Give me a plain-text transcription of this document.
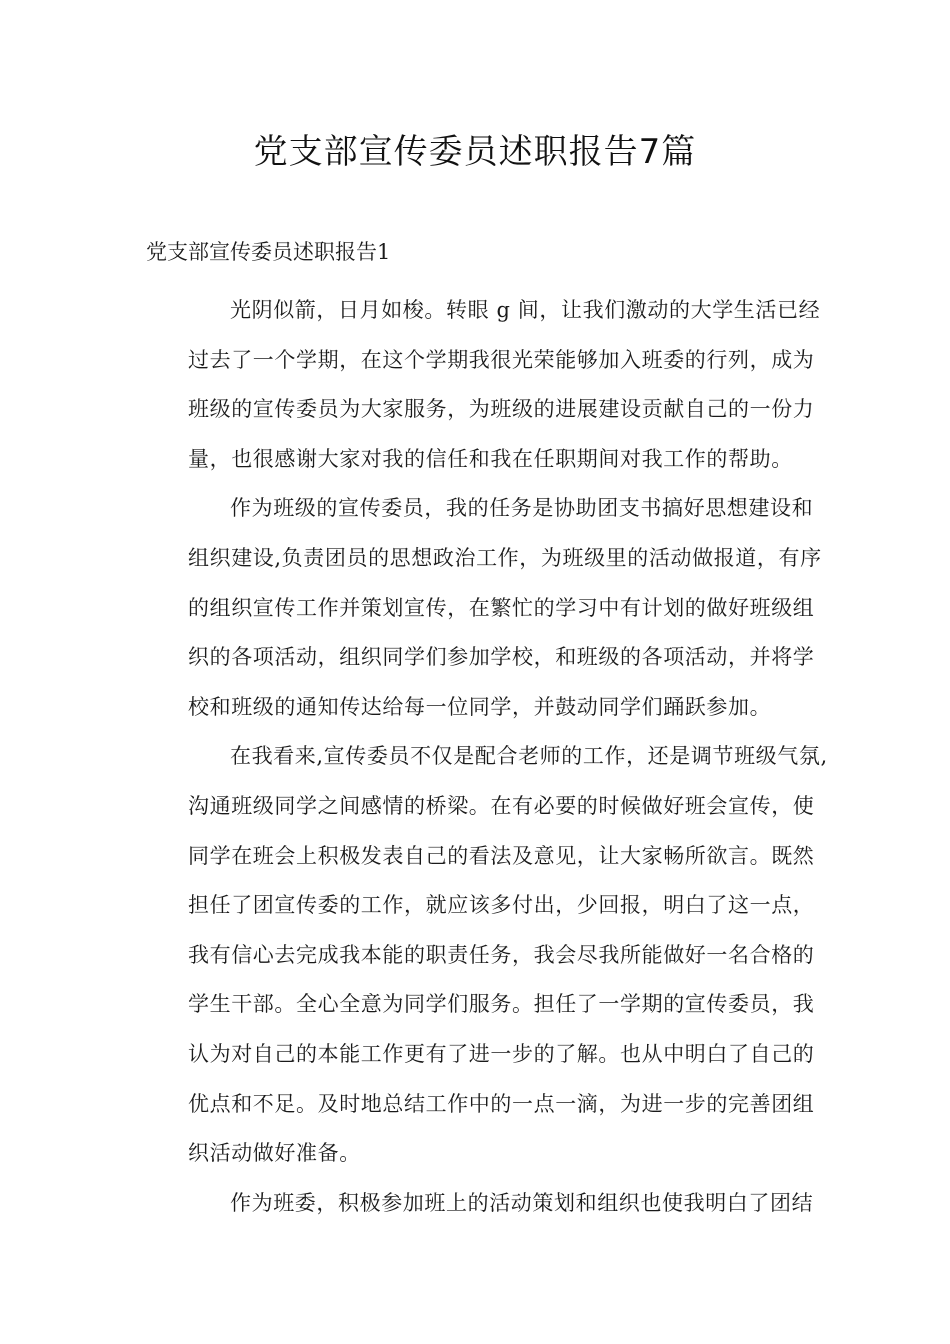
党支部宣传委员述职报告7篇
党支部宣传委员述职报告1
光阴似箭，日月如梭。转眼 g 间，让我们激动的大学生活已经
过去了一个学期，在这个学期我很光荣能够加入班委的行列，成为
班级的宣传委员为大家服务，为班级的进展建设贡献自己的一份力
量，也很感谢大家对我的信任和我在任职期间对我工作的帮助。
作为班级的宣传委员，我的任务是协助团支书搞好思想建设和
组织建设,负责团员的思想政治工作，为班级里的活动做报道，有序
的组织宣传工作并策划宣传，在繁忙的学习中有计划的做好班级组
织的各项活动，组织同学们参加学校，和班级的各项活动，并将学
校和班级的通知传达给每一位同学，并鼓动同学们踊跃参加。
在我看来,宣传委员不仅是配合老师的工作，还是调节班级气氛,
沟通班级同学之间感情的桥梁。在有必要的时候做好班会宣传，使
同学在班会上积极发表自己的看法及意见，让大家畅所欲言。既然
担任了团宣传委的工作，就应该多付出，少回报，明白了这一点，
我有信心去完成我本能的职责任务，我会尽我所能做好一名合格的
学生干部。全心全意为同学们服务。担任了一学期的宣传委员，我
认为对自己的本能工作更有了进一步的了解。也从中明白了自己的
优点和不足。及时地总结工作中的一点一滴，为进一步的完善团组
织活动做好准备。
作为班委，积极参加班上的活动策划和组织也使我明白了团结
